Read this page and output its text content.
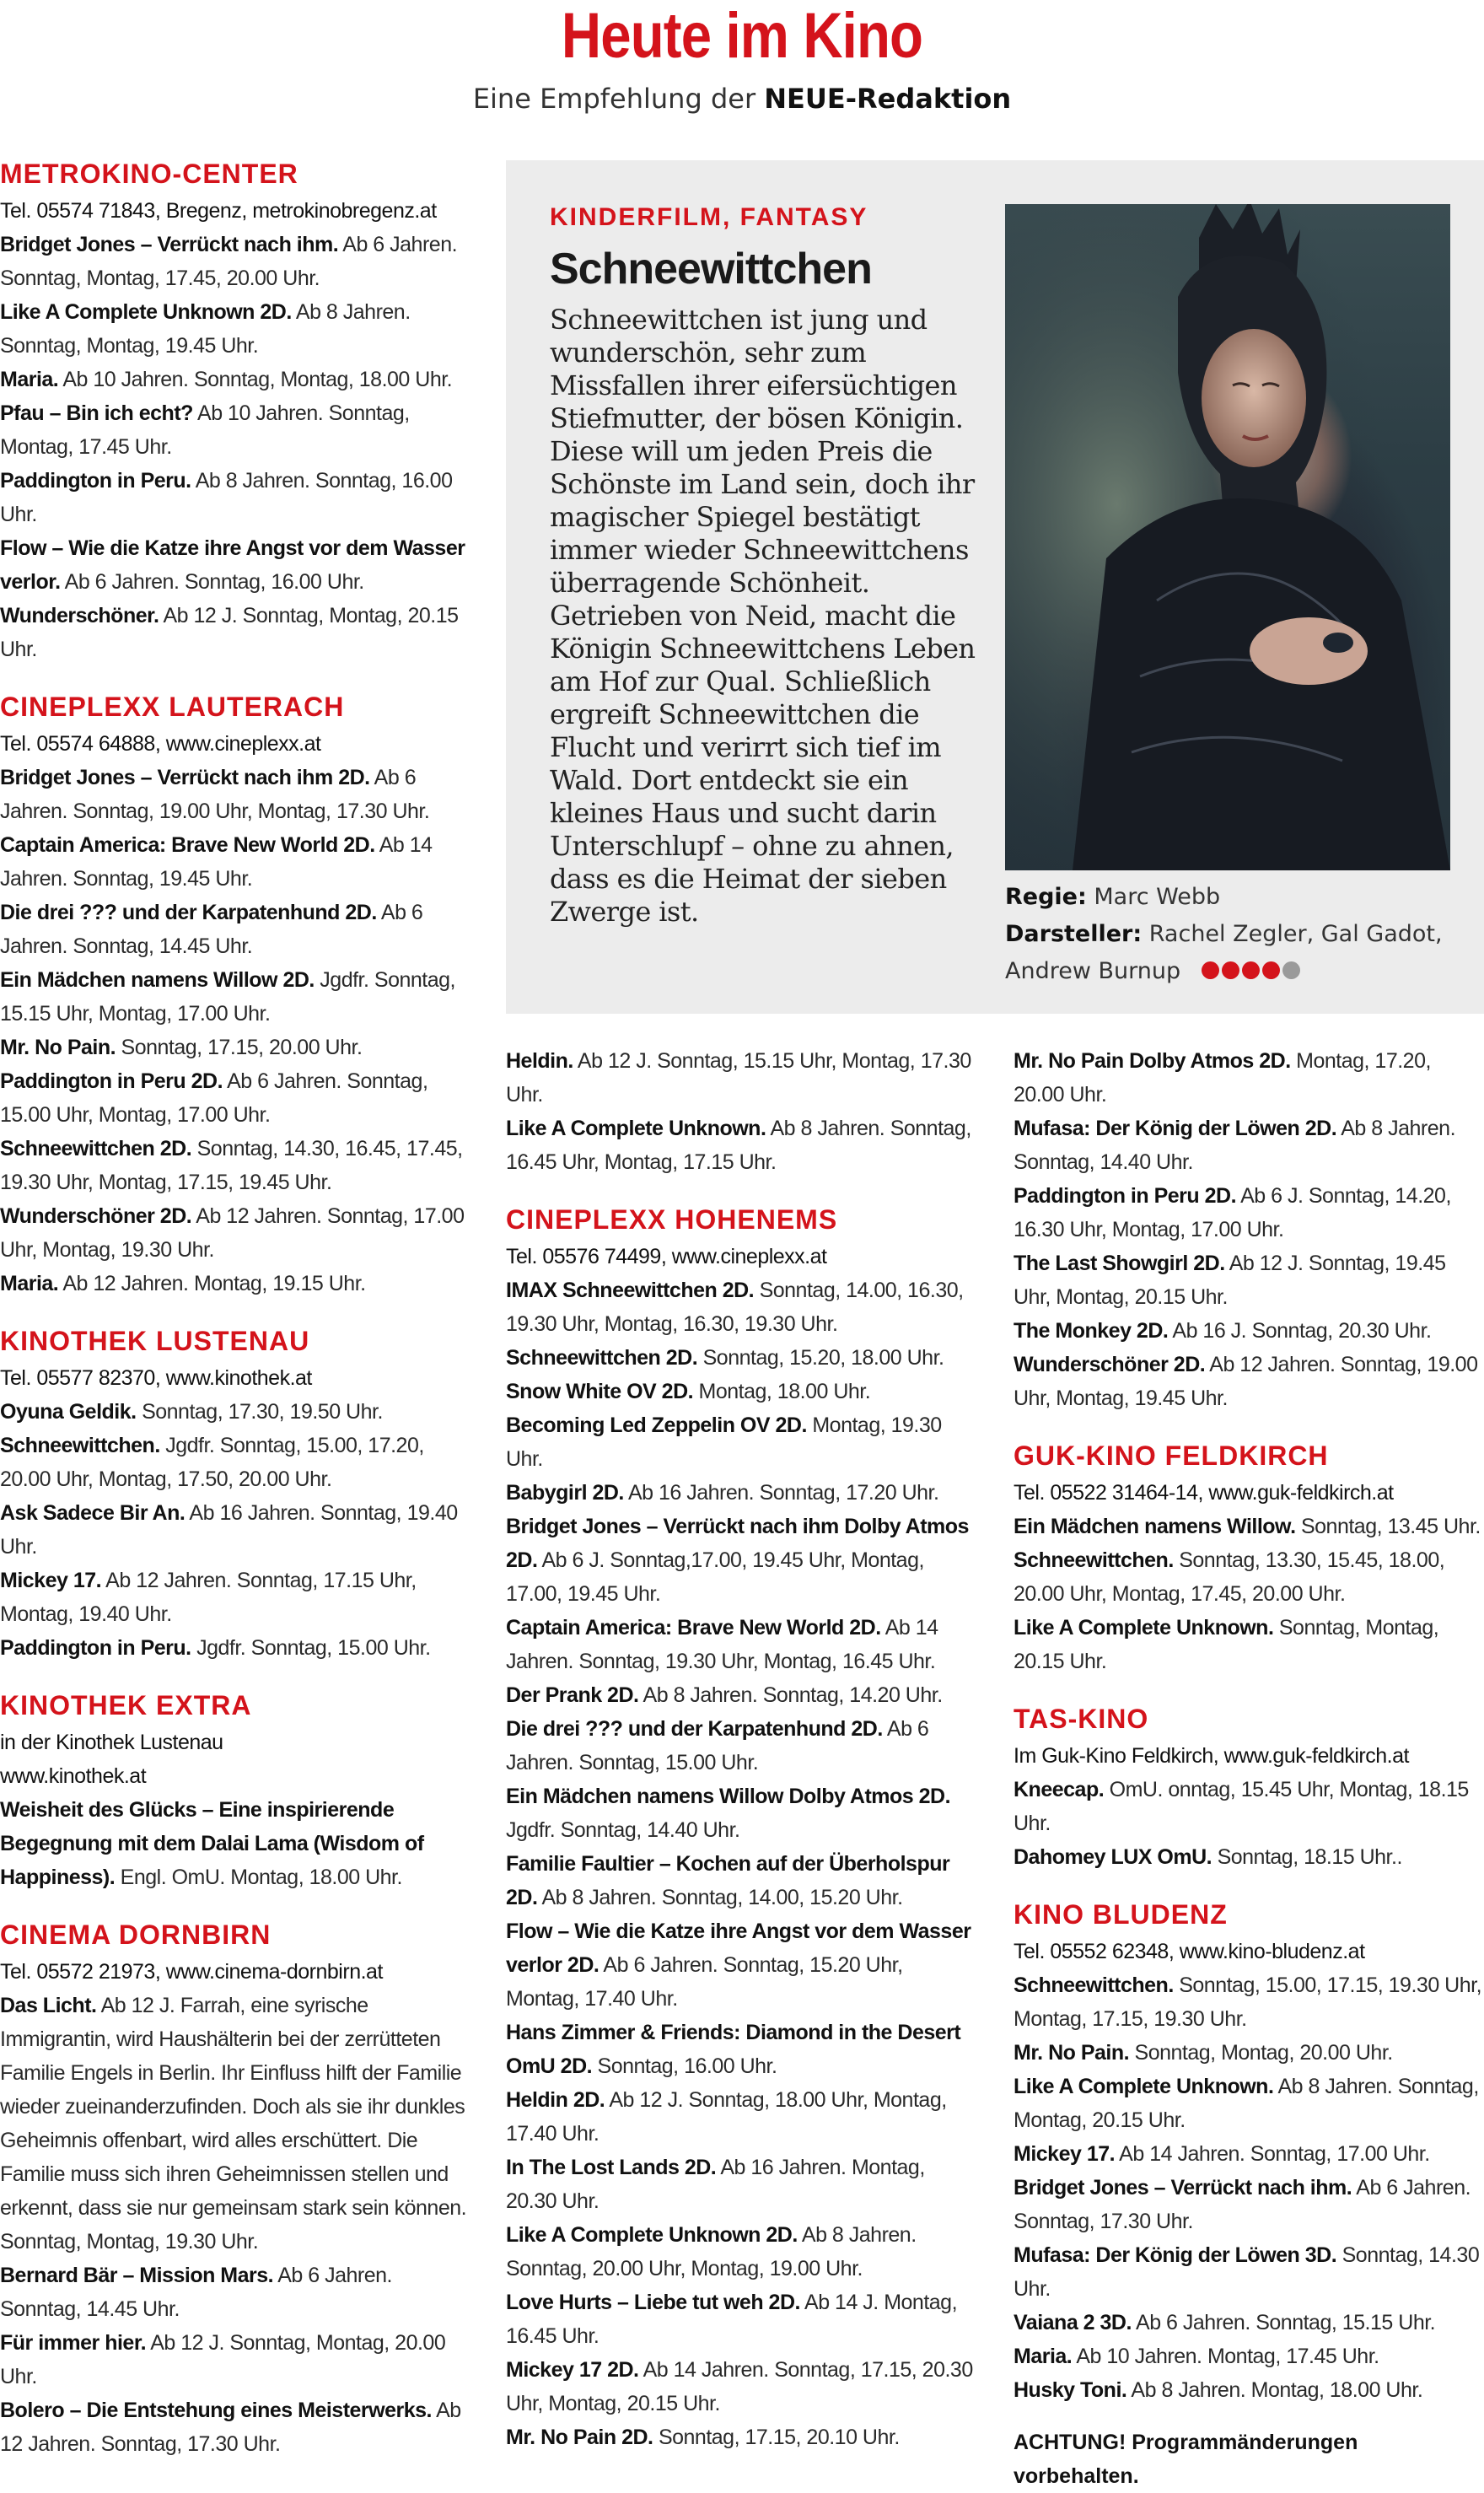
Heute im Kino
Eine Empfehlung der NEUE-Redaktion
METROKINO-CENTER
Tel. 05574 71843, Bregenz, metrokinobregenz.at
Bridget Jones – Verrückt nach ihm. Ab 6 Jahren. Sonntag, Montag, 17.45, 20.00 Uhr.
Like A Complete Unknown 2D. Ab 8 Jahren. Sonntag, Montag, 19.45 Uhr.
Maria. Ab 10 Jahren. Sonntag, Montag, 18.00 Uhr.
Pfau – Bin ich echt? Ab 10 Jahren. Sonntag, Montag, 17.45 Uhr.
Paddington in Peru. Ab 8 Jahren. Sonntag, 16.00 Uhr.
Flow – Wie die Katze ihre Angst vor dem Wasser verlor. Ab 6 Jahren. Sonntag, 16.00 Uhr.
Wunderschöner. Ab 12 J. Sonntag, Montag, 20.15 Uhr.
CINEPLEXX LAUTERACH
Tel. 05574 64888, www.cineplexx.at
Bridget Jones – Verrückt nach ihm 2D. Ab 6 Jahren. Sonntag, 19.00 Uhr, Montag, 17.30 Uhr.
Captain America: Brave New World 2D. Ab 14 Jahren. Sonntag, 19.45 Uhr.
Die drei ??? und der Karpatenhund 2D. Ab 6 Jahren. Sonntag, 14.45 Uhr.
Ein Mädchen namens Willow 2D. Jgdfr. Sonntag, 15.15 Uhr, Montag, 17.00 Uhr.
Mr. No Pain. Sonntag, 17.15, 20.00 Uhr.
Paddington in Peru 2D. Ab 6 Jahren. Sonntag, 15.00 Uhr, Montag, 17.00 Uhr.
Schneewittchen 2D. Sonntag, 14.30, 16.45, 17.45, 19.30 Uhr, Montag, 17.15, 19.45 Uhr.
Wunderschöner 2D. Ab 12 Jahren. Sonntag, 17.00 Uhr, Montag, 19.30 Uhr.
Maria. Ab 12 Jahren. Montag, 19.15 Uhr.
KINOTHEK LUSTENAU
Tel. 05577 82370, www.kinothek.at
Oyuna Geldik. Sonntag, 17.30, 19.50 Uhr.
Schneewittchen. Jgdfr. Sonntag, 15.00, 17.20, 20.00 Uhr, Montag, 17.50, 20.00 Uhr.
Ask Sadece Bir An. Ab 16 Jahren. Sonntag, 19.40 Uhr.
Mickey 17. Ab 12 Jahren. Sonntag, 17.15 Uhr, Montag, 19.40 Uhr.
Paddington in Peru. Jgdfr. Sonntag, 15.00 Uhr.
KINOTHEK EXTRA
in der Kinothek Lustenau
www.kinothek.at
Weisheit des Glücks – Eine inspirierende Begegnung mit dem Dalai Lama (Wisdom of Happiness). Engl. OmU. Montag, 18.00 Uhr.
CINEMA DORNBIRN
Tel. 05572 21973, www.cinema-dornbirn.at
Das Licht. Ab 12 J. Farrah, eine syrische Immigrantin, wird Haushälterin bei der zerrütteten Familie Engels in Berlin. Ihr Einfluss hilft der Familie wieder zueinanderzufinden. Doch als sie ihr dunkles Geheimnis offenbart, wird alles erschüttert. Die Familie muss sich ihren Geheimnissen stellen und erkennt, dass sie nur gemeinsam stark sein können. Sonntag, Montag, 19.30 Uhr.
Bernard Bär – Mission Mars. Ab 6 Jahren. Sonntag, 14.45 Uhr.
Für immer hier. Ab 12 J. Sonntag, Montag, 20.00 Uhr.
Bolero – Die Entstehung eines Meisterwerks. Ab 12 Jahren. Sonntag, 17.30 Uhr.
KINDERFILM, FANTASY
Schneewittchen
Schneewittchen ist jung und wunderschön, sehr zum Missfallen ihrer eifersüchtigen Stiefmutter, der bösen Königin. Diese will um jeden Preis die Schönste im Land sein, doch ihr magischer Spiegel bestätigt immer wieder Schneewittchens überragende Schönheit. Getrieben von Neid, macht die Königin Schneewittchens Leben am Hof zur Qual. Schließlich ergreift Schneewittchen die Flucht und verirrt sich tief im Wald. Dort entdeckt sie ein kleines Haus und sucht darin Unterschlupf – ohne zu ahnen, dass es die Heimat der sieben Zwerge ist.	Regie: Marc Webb
Darsteller: Rachel Zegler, Gal Gadot, Andrew Burnup
Heldin. Ab 12 J. Sonntag, 15.15 Uhr, Montag, 17.30 Uhr.
Like A Complete Unknown. Ab 8 Jahren. Sonntag, 16.45 Uhr, Montag, 17.15 Uhr.
CINEPLEXX HOHENEMS
Tel. 05576 74499, www.cineplexx.at
IMAX Schneewittchen 2D. Sonntag, 14.00, 16.30, 19.30 Uhr, Montag, 16.30, 19.30 Uhr.
Schneewittchen 2D. Sonntag, 15.20, 18.00 Uhr.
Snow White OV 2D. Montag, 18.00 Uhr.
Becoming Led Zeppelin OV 2D. Montag, 19.30 Uhr.
Babygirl 2D. Ab 16 Jahren. Sonntag, 17.20 Uhr.
Bridget Jones – Verrückt nach ihm Dolby Atmos 2D. Ab 6 J. Sonntag,17.00, 19.45 Uhr, Montag, 17.00, 19.45 Uhr.
Captain America: Brave New World 2D. Ab 14 Jahren. Sonntag, 19.30 Uhr, Montag, 16.45 Uhr.
Der Prank 2D. Ab 8 Jahren. Sonntag, 14.20 Uhr.
Die drei ??? und der Karpatenhund 2D. Ab 6 Jahren. Sonntag, 15.00 Uhr.
Ein Mädchen namens Willow Dolby Atmos 2D. Jgdfr. Sonntag, 14.40 Uhr.
Familie Faultier – Kochen auf der Überholspur 2D. Ab 8 Jahren. Sonntag, 14.00, 15.20 Uhr.
Flow – Wie die Katze ihre Angst vor dem Wasser verlor 2D. Ab 6 Jahren. Sonntag, 15.20 Uhr, Montag, 17.40 Uhr.
Hans Zimmer & Friends: Diamond in the Desert OmU 2D. Sonntag, 16.00 Uhr.
Heldin 2D. Ab 12 J. Sonntag, 18.00 Uhr, Montag, 17.40 Uhr.
In The Lost Lands 2D. Ab 16 Jahren. Montag, 20.30 Uhr.
Like A Complete Unknown 2D. Ab 8 Jahren. Sonntag, 20.00 Uhr, Montag, 19.00 Uhr.
Love Hurts – Liebe tut weh 2D. Ab 14 J. Montag, 16.45 Uhr.
Mickey 17 2D. Ab 14 Jahren. Sonntag, 17.15, 20.30 Uhr, Montag, 20.15 Uhr.
Mr. No Pain 2D. Sonntag, 17.15, 20.10 Uhr.
Mr. No Pain Dolby Atmos 2D. Montag, 17.20, 20.00 Uhr.
Mufasa: Der König der Löwen 2D. Ab 8 Jahren. Sonntag, 14.40 Uhr.
Paddington in Peru 2D. Ab 6 J. Sonntag, 14.20, 16.30 Uhr, Montag, 17.00 Uhr.
The Last Showgirl 2D. Ab 12 J. Sonntag, 19.45 Uhr, Montag, 20.15 Uhr.
The Monkey 2D. Ab 16 J. Sonntag, 20.30 Uhr.
Wunderschöner 2D. Ab 12 Jahren. Sonntag, 19.00 Uhr, Montag, 19.45 Uhr.
GUK-KINO FELDKIRCH
Tel. 05522 31464-14, www.guk-feldkirch.at
Ein Mädchen namens Willow. Sonntag, 13.45 Uhr.
Schneewittchen. Sonntag, 13.30, 15.45, 18.00, 20.00 Uhr, Montag, 17.45, 20.00 Uhr.
Like A Complete Unknown. Sonntag, Montag, 20.15 Uhr.
TAS-KINO
Im Guk-Kino Feldkirch, www.guk-feldkirch.at
Kneecap. OmU. onntag, 15.45 Uhr, Montag, 18.15 Uhr.
Dahomey LUX OmU. Sonntag, 18.15 Uhr..
KINO BLUDENZ
Tel. 05552 62348, www.kino-bludenz.at
Schneewittchen. Sonntag, 15.00, 17.15, 19.30 Uhr, Montag, 17.15, 19.30 Uhr.
Mr. No Pain. Sonntag, Montag, 20.00 Uhr.
Like A Complete Unknown. Ab 8 Jahren. Sonntag, Montag, 20.15 Uhr.
Mickey 17. Ab 14 Jahren. Sonntag, 17.00 Uhr.
Bridget Jones – Verrückt nach ihm. Ab 6 Jahren. Sonntag, 17.30 Uhr.
Mufasa: Der König der Löwen 3D. Sonntag, 14.30 Uhr.
Vaiana 2 3D. Ab 6 Jahren. Sonntag, 15.15 Uhr.
Maria. Ab 10 Jahren. Montag, 17.45 Uhr.
Husky Toni. Ab 8 Jahren. Montag, 18.00 Uhr.
ACHTUNG! Programmänderungen vorbehalten.
